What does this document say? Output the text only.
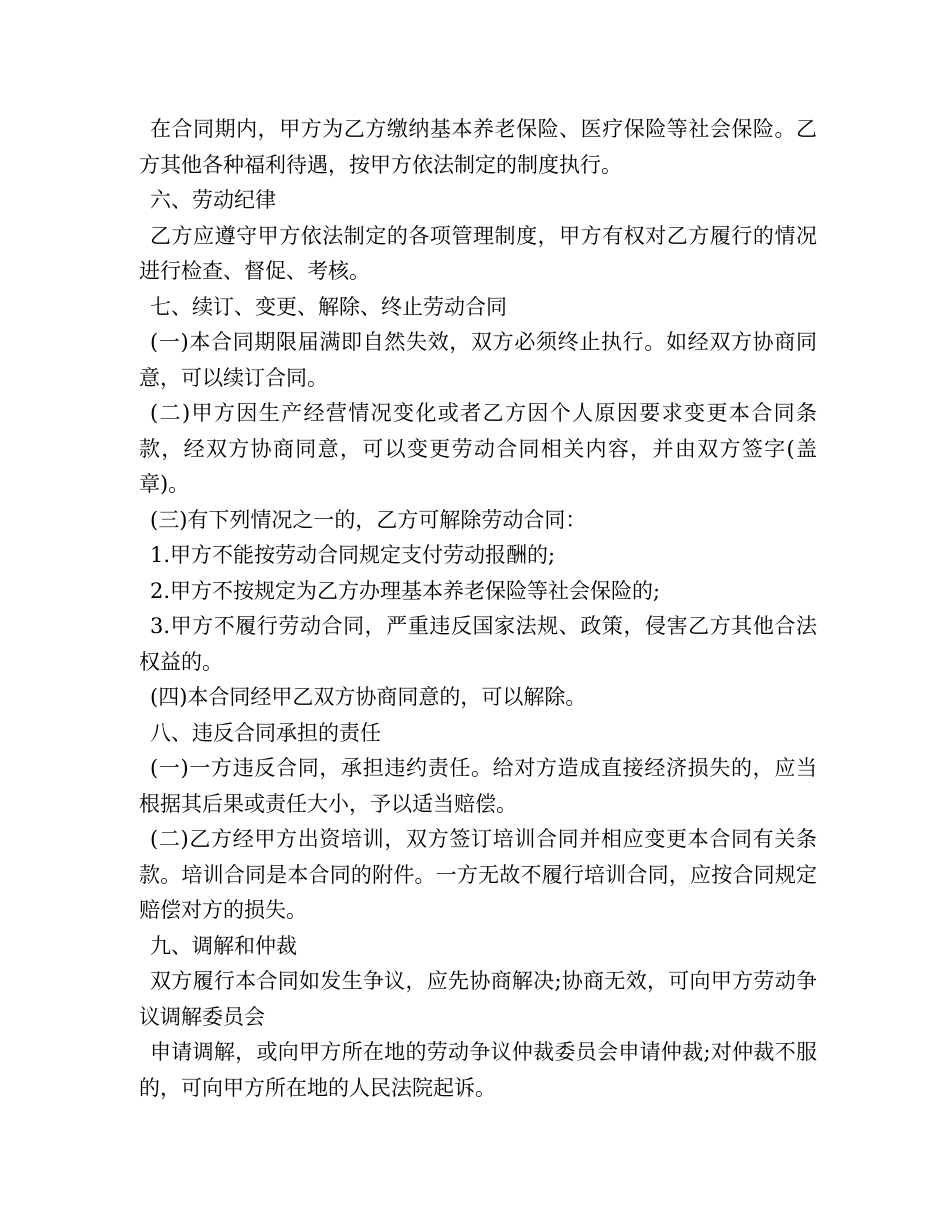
在合同期内，甲方为乙方缴纳基本养老保险、医疗保险等社会保险。乙方其他各种福利待遇，按甲方依法制定的制度执行。

六、劳动纪律

乙方应遵守甲方依法制定的各项管理制度，甲方有权对乙方履行的情况进行检查、督促、考核。

七、续订、变更、解除、终止劳动合同

(一)本合同期限届满即自然失效，双方必须终止执行。如经双方协商同意，可以续订合同。

(二)甲方因生产经营情况变化或者乙方因个人原因要求变更本合同条款，经双方协商同意，可以变更劳动合同相关内容，并由双方签字(盖章)。

(三)有下列情况之一的，乙方可解除劳动合同：

1.甲方不能按劳动合同规定支付劳动报酬的;

2.甲方不按规定为乙方办理基本养老保险等社会保险的;

3.甲方不履行劳动合同，严重违反国家法规、政策，侵害乙方其他合法权益的。

(四)本合同经甲乙双方协商同意的，可以解除。

八、违反合同承担的责任

(一)一方违反合同，承担违约责任。给对方造成直接经济损失的，应当根据其后果或责任大小，予以适当赔偿。

(二)乙方经甲方出资培训，双方签订培训合同并相应变更本合同有关条款。培训合同是本合同的附件。一方无故不履行培训合同，应按合同规定赔偿对方的损失。

九、调解和仲裁

双方履行本合同如发生争议，应先协商解决;协商无效，可向甲方劳动争议调解委员会

申请调解，或向甲方所在地的劳动争议仲裁委员会申请仲裁;对仲裁不服的，可向甲方所在地的人民法院起诉。
